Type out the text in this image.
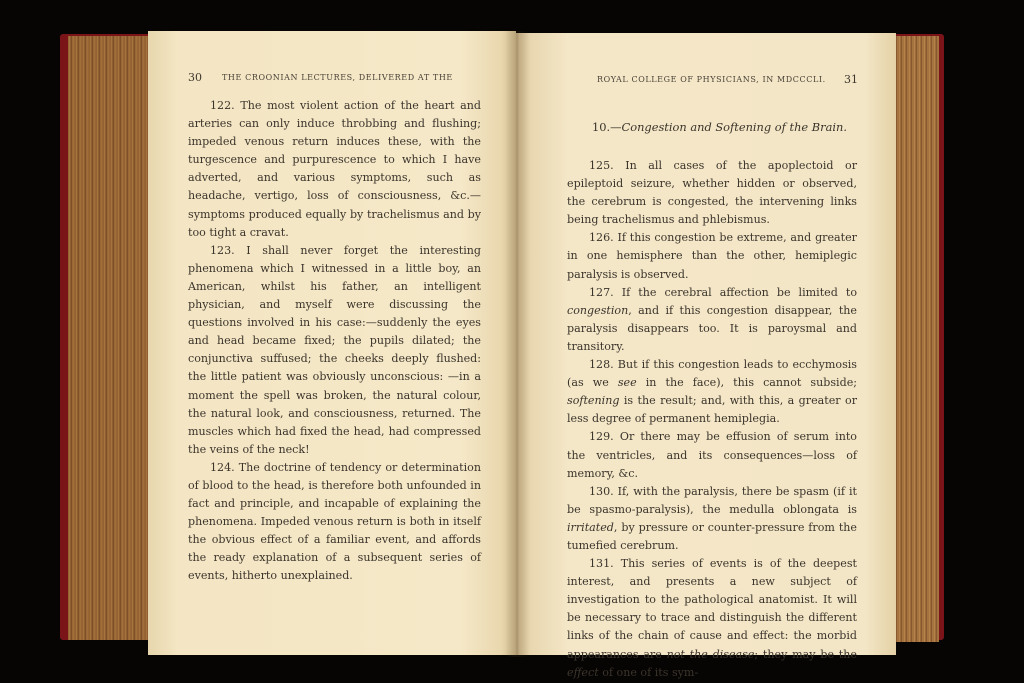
30	THE CROONIAN LECTURES, DELIVERED AT THE

122. The most violent action of the heart and arteries can only induce throbbing and flushing; impeded venous return induces these, with the turgescence and purpurescence to which I have adverted, and various symptoms, such as headache, vertigo, loss of consciousness, &c.—symptoms produced equally by trachelismus and by too tight a cravat.

123. I shall never forget the interesting phenomena which I witnessed in a little boy, an American, whilst his father, an intelligent physician, and myself were discussing the questions involved in his case:—suddenly the eyes and head became fixed; the pupils dilated; the conjunctiva suffused; the cheeks deeply flushed: the little patient was obviously unconscious: —in a moment the spell was broken, the natural colour, the natural look, and consciousness, returned. The muscles which had fixed the head, had compressed the veins of the neck!

124. The doctrine of tendency or determination of blood to the head, is therefore both unfounded in fact and principle, and incapable of explaining the phenomena. Impeded venous return is both in itself the obvious effect of a familiar event, and affords the ready explanation of a subsequent series of events, hitherto unexplained.

ROYAL COLLEGE OF PHYSICIANS, IN MDCCCLI. 31
10.—Congestion and Softening of the Brain.

125. In all cases of the apoplectoid or epileptoid seizure, whether hidden or observed, the cerebrum is congested, the intervening links being trachelismus and phlebismus.

126. If this congestion be extreme, and greater in one hemisphere than the other, hemiplegic paralysis is observed.

127. If the cerebral affection be limited to congestion, and if this congestion disappear, the paralysis disappears too. It is paroysmal and transitory.

128. But if this congestion leads to ecchymosis (as we see in the face), this cannot subside; softening is the result; and, with this, a greater or less degree of permanent hemiplegia.

129. Or there may be effusion of serum into the ventricles, and its consequences—loss of memory, &c.

130. If, with the paralysis, there be spasm (if it be spasmo-paralysis), the medulla oblongata is irritated, by pressure or counter-pressure from the tumefied cerebrum.

131. This series of events is of the deepest interest, and presents a new subject of investigation to the pathological anatomist. It will be necessary to trace and distinguish the different links of the chain of cause and effect: the morbid appearances are not the disease; they may be the effect of one of its sym-
